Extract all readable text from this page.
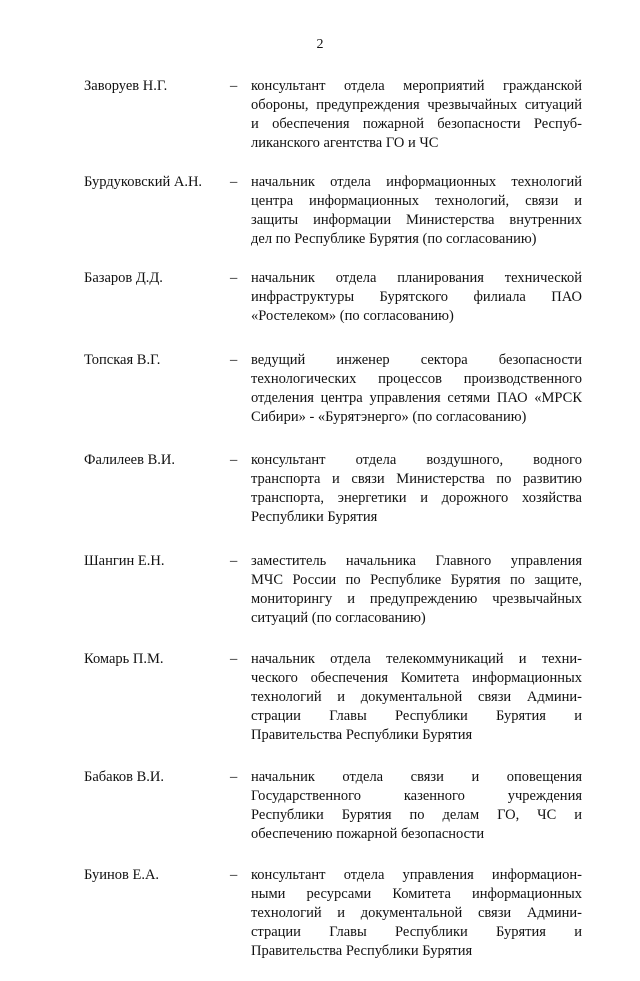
2
Заворуев Н.Г.	– консультант отдела мероприятий гражданской
обороны, предупреждения чрезвычайных ситуаций
и обеспечения пожарной безопасности Респуб-
ликанского агентства ГО и ЧС
Бурдуковский А.Н. – начальник отдела информационных технологий
центра информационных технологий, связи и
защиты информации Министерства внутренних
дел по Республике Бурятия (по согласованию)
Базаров Д.Д.	– начальник отдела планирования технической
инфраструктуры Бурятского филиала ПАО
«Ростелеком» (по согласованию)
Топская В.Г.	– ведущий инженер сектора безопасности
технологических процессов производственного
отделения центра управления сетями ПАО «МРСК
Сибири» - «Бурятэнерго» (по согласованию)
Фалилеев В.И.	– консультант отдела воздушного, водного
транспорта и связи Министерства по развитию
транспорта, энергетики и дорожного хозяйства
Республики Бурятия
Шангин Е.Н.	– заместитель начальника Главного управления
МЧС России по Республике Бурятия по защите,
мониторингу и предупреждению чрезвычайных
ситуаций (по согласованию)
Комарь П.М.	– начальник отдела телекоммуникаций и техни-
ческого обеспечения Комитета информационных
технологий и документальной связи Админи-
страции Главы Республики Бурятия и
Правительства Республики Бурятия
Бабаков В.И.	– начальник отдела связи и оповещения
Государственного казенного учреждения
Республики Бурятия по делам ГО, ЧС и
обеспечению пожарной безопасности
Буинов Е.А.	– консультант отдела управления информацион-
ными ресурсами Комитета информационных
технологий и документальной связи Админи-
страции Главы Республики Бурятия и
Правительства Республики Бурятия
